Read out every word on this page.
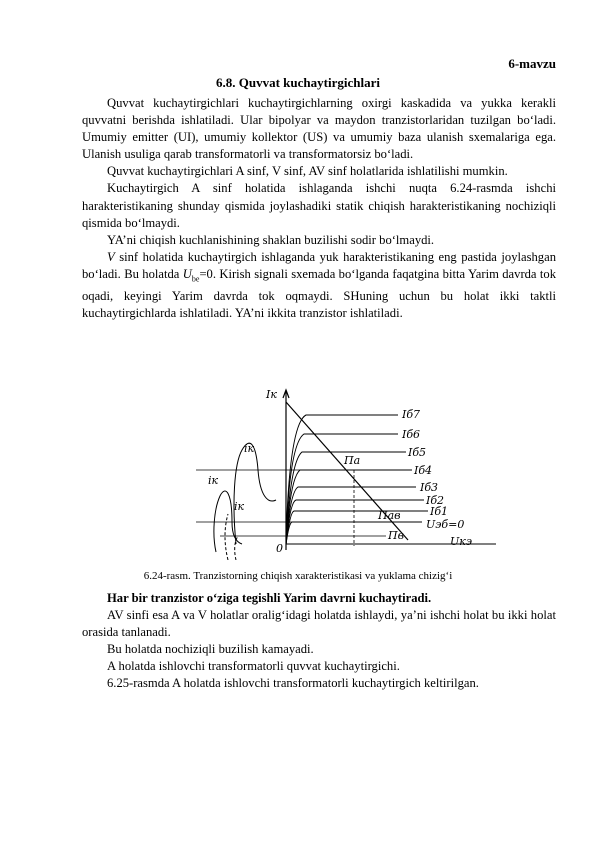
6-mavzu
6.8. Quvvat kuchaytirgichlari

Quvvat kuchaytirgichlari kuchaytirgichlarning oxirgi kaskadida va yukka kerakli quvvatni berishda ishlatiladi. Ular bipolyar va maydon tranzistorlaridan tuzilgan bo‘ladi. Umumiy emitter (UI), umumiy kollektor (US) va umumiy baza ulanish sxemalariga ega. Ulanish usuliga qarab transformatorli va transformatorsiz bo‘ladi.

Quvvat kuchaytirgichlari A sinf, V sinf, AV sinf holatlarida ishlatilishi mumkin.

Kuchaytirgich A sinf holatida ishlaganda ishchi nuqta 6.24-rasmda ishchi harakteristikaning shunday qismida joylashadiki statik chiqish harakteristikaning nochiziqli qismida bo‘lmaydi.

YA’ni chiqish kuchlanishining shaklan buzilishi sodir bo‘lmaydi.

V sinf holatida kuchaytirgich ishlaganda yuk harakteristikaning eng pastida joylashgan bo‘ladi. Bu holatda $U_{be}=0$. Kirish signali sxemada bo‘lganda faqatgina bitta Yarim davrda tok oqadi, keyingi Yarim davrda tok oqmaydi. SHuning uchun bu holat ikki taktli kuchaytirgichlarda ishlatiladi. YA’ni ikkita tranzistor ishlatiladi.

Iк
0
Iб7
Iб6
Iб5
Iб4
Iб3
Iб2
Iб1
Uэб=0
Uкэ
Пa
Пaв
Пв
iк
iк
iк
6.24-rasm. Tranzistorning chiqish xarakteristikasi va yuklama chizig‘i

Har bir tranzistor o‘ziga tegishli Yarim davrni kuchaytiradi.

AV sinfi esa A va V holatlar oralig‘idagi holatda ishlaydi, ya’ni ishchi holat bu ikki holat orasida tanlanadi.

Bu holatda nochiziqli buzilish kamayadi.

A holatda ishlovchi transformatorli quvvat kuchaytirgichi.

6.25-rasmda A holatda ishlovchi transformatorli kuchaytirgich keltirilgan.
